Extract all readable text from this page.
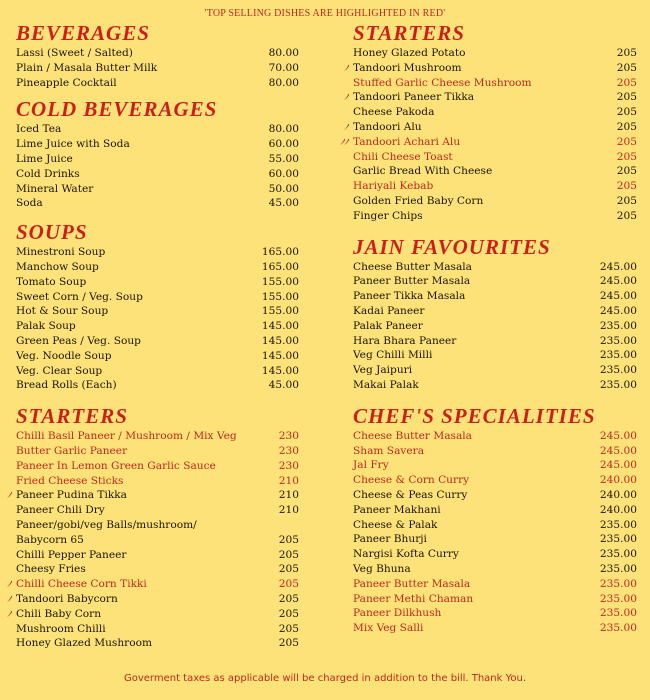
'TOP SELLING DISHES ARE HIGHLIGHTED IN RED'
BEVERAGES
Lassi (Sweet / Salted)	80.00
Plain / Masala Butter Milk	70.00
Pineapple Cocktail	80.00
COLD BEVERAGES
Iced Tea	80.00
Lime Juice with Soda	60.00
Lime Juice	55.00
Cold Drinks	60.00
Mineral Water	50.00
Soda	45.00
SOUPS
Minestroni Soup	165.00
Manchow Soup	165.00
Tomato Soup	155.00
Sweet Corn / Veg. Soup	155.00
Hot & Sour Soup	155.00
Palak Soup	145.00
Green Peas / Veg. Soup	145.00
Veg. Noodle Soup	145.00
Veg. Clear Soup	145.00
Bread Rolls (Each)	45.00
STARTERS
Chilli Basil Paneer / Mushroom / Mix Veg	230
Butter Garlic Paneer	230
Paneer In Lemon Green Garlic Sauce	230
Fried Cheese Sticks	210
Paneer Pudina Tikka	210
Paneer Chili Dry	210
Paneer/gobi/veg Balls/mushroom/ Babycorn 65	205
Chilli Pepper Paneer	205
Cheesy Fries	205
Chilli Cheese Corn Tikki	205
Tandoori Babycorn	205
Chili Baby Corn	205
Mushroom Chilli	205
Honey Glazed Mushroom	205
STARTERS
Honey Glazed Potato	205
Tandoori Mushroom	205
Stuffed Garlic Cheese Mushroom	205
Tandoori Paneer Tikka	205
Cheese Pakoda	205
Tandoori Alu	205
Tandoori Achari Alu	205
Chili Cheese Toast	205
Garlic Bread With Cheese	205
Hariyali Kebab	205
Golden Fried Baby Corn	205
Finger Chips	205
JAIN FAVOURITES
Cheese Butter Masala	245.00
Paneer Butter Masala	245.00
Paneer Tikka Masala	245.00
Kadai Paneer	245.00
Palak Paneer	235.00
Hara Bhara Paneer	235.00
Veg Chilli Milli	235.00
Veg Jaipuri	235.00
Makai Palak	235.00
CHEF'S SPECIALITIES
Cheese Butter Masala	245.00
Sham Savera	245.00
Jal Fry	245.00
Cheese & Corn Curry	240.00
Cheese & Peas Curry	240.00
Paneer Makhani	240.00
Cheese & Palak	235.00
Paneer Bhurji	235.00
Nargisi Kofta Curry	235.00
Veg Bhuna	235.00
Paneer Butter Masala	235.00
Paneer Methi Chaman	235.00
Paneer Dilkhush	235.00
Mix Veg Salli	235.00
Goverment taxes as applicable will be charged in addition to the bill. Thank You.
